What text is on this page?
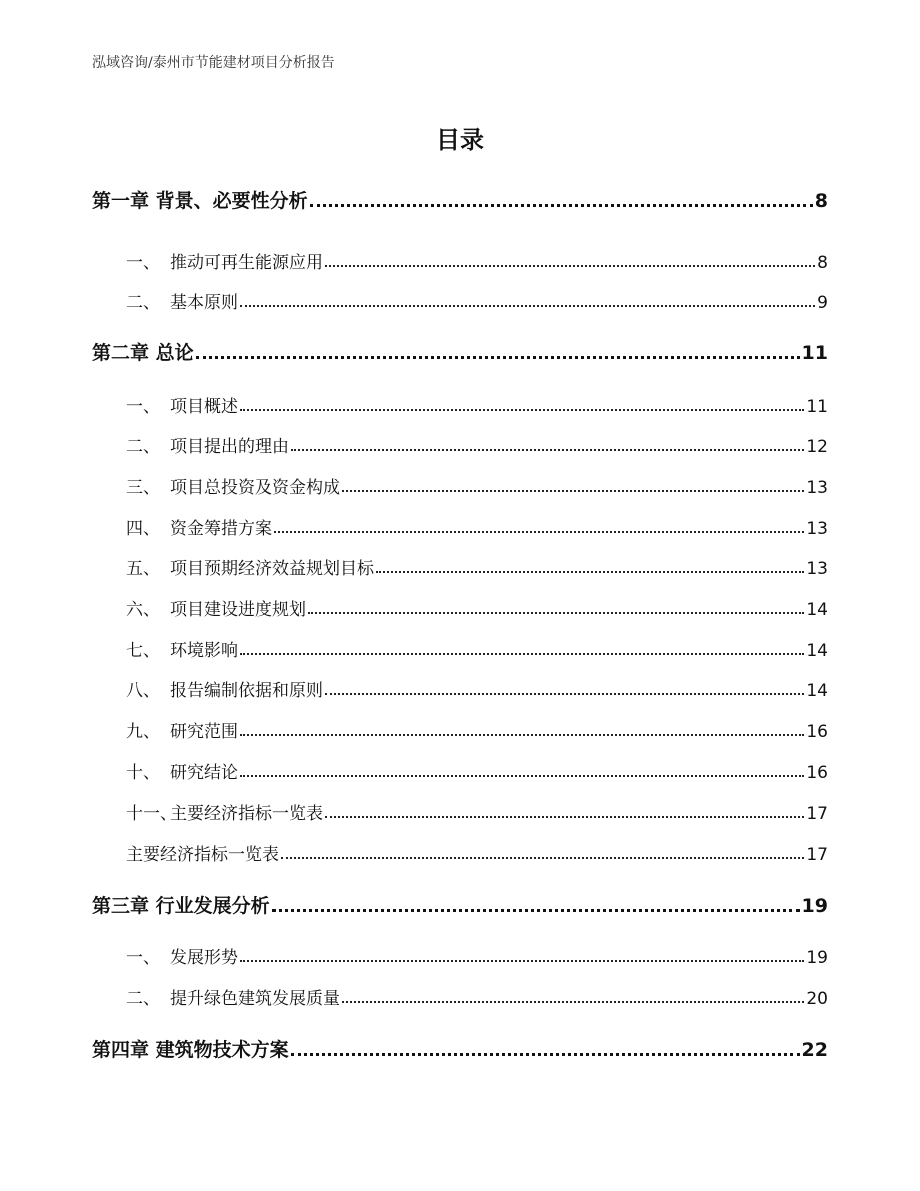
泓域咨询/泰州市节能建材项目分析报告
目录
第一章 背景、必要性分析	8
一、 推动可再生能源应用	8
二、 基本原则	9
第二章 总论	11
一、 项目概述	11
二、 项目提出的理由	12
三、 项目总投资及资金构成	13
四、 资金筹措方案	13
五、 项目预期经济效益规划目标	13
六、 项目建设进度规划	14
七、 环境影响	14
八、 报告编制依据和原则	14
九、 研究范围	16
十、 研究结论	16
十一、主要经济指标一览表	17
主要经济指标一览表	17
第三章 行业发展分析	19
一、 发展形势	19
二、 提升绿色建筑发展质量	20
第四章 建筑物技术方案	22
